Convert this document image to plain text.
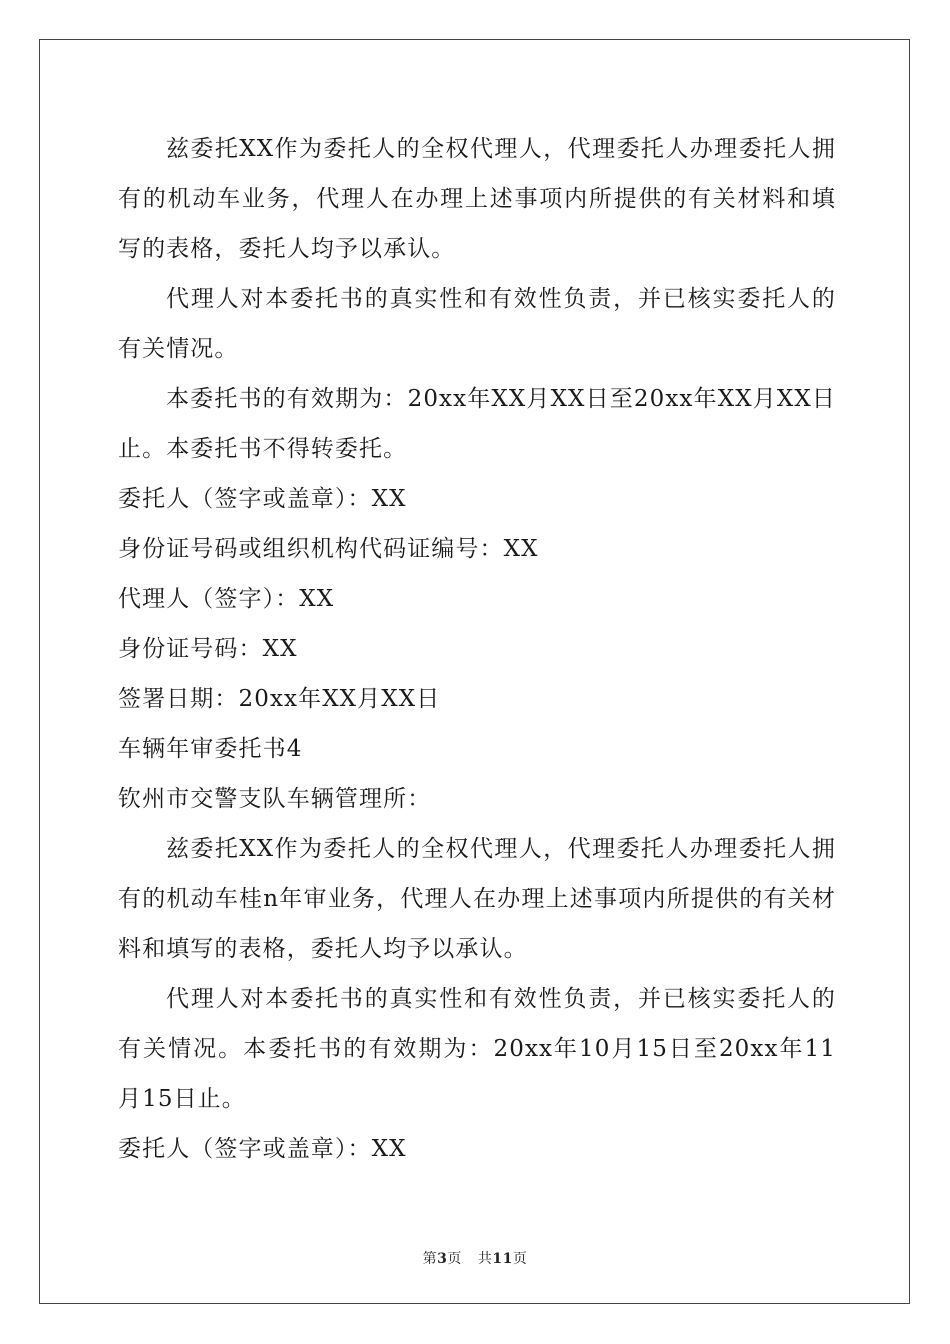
兹委托XX作为委托人的全权代理人，代理委托人办理委托人拥有的机动车业务，代理人在办理上述事项内所提供的有关材料和填写的表格，委托人均予以承认。

代理人对本委托书的真实性和有效性负责，并已核实委托人的有关情况。

本委托书的有效期为：20xx年XX月XX日至20xx年XX月XX日止。本委托书不得转委托。

委托人（签字或盖章）：XX

身份证号码或组织机构代码证编号：XX

代理人（签字）：XX

身份证号码：XX

签署日期：20xx年XX月XX日

车辆年审委托书4

钦州市交警支队车辆管理所：

兹委托XX作为委托人的全权代理人，代理委托人办理委托人拥有的机动车桂n年审业务，代理人在办理上述事项内所提供的有关材料和填写的表格，委托人均予以承认。

代理人对本委托书的真实性和有效性负责，并已核实委托人的有关情况。本委托书的有效期为：20xx年10月15日至20xx年11月15日止。

委托人（签字或盖章）：XX

第3页 共11页
